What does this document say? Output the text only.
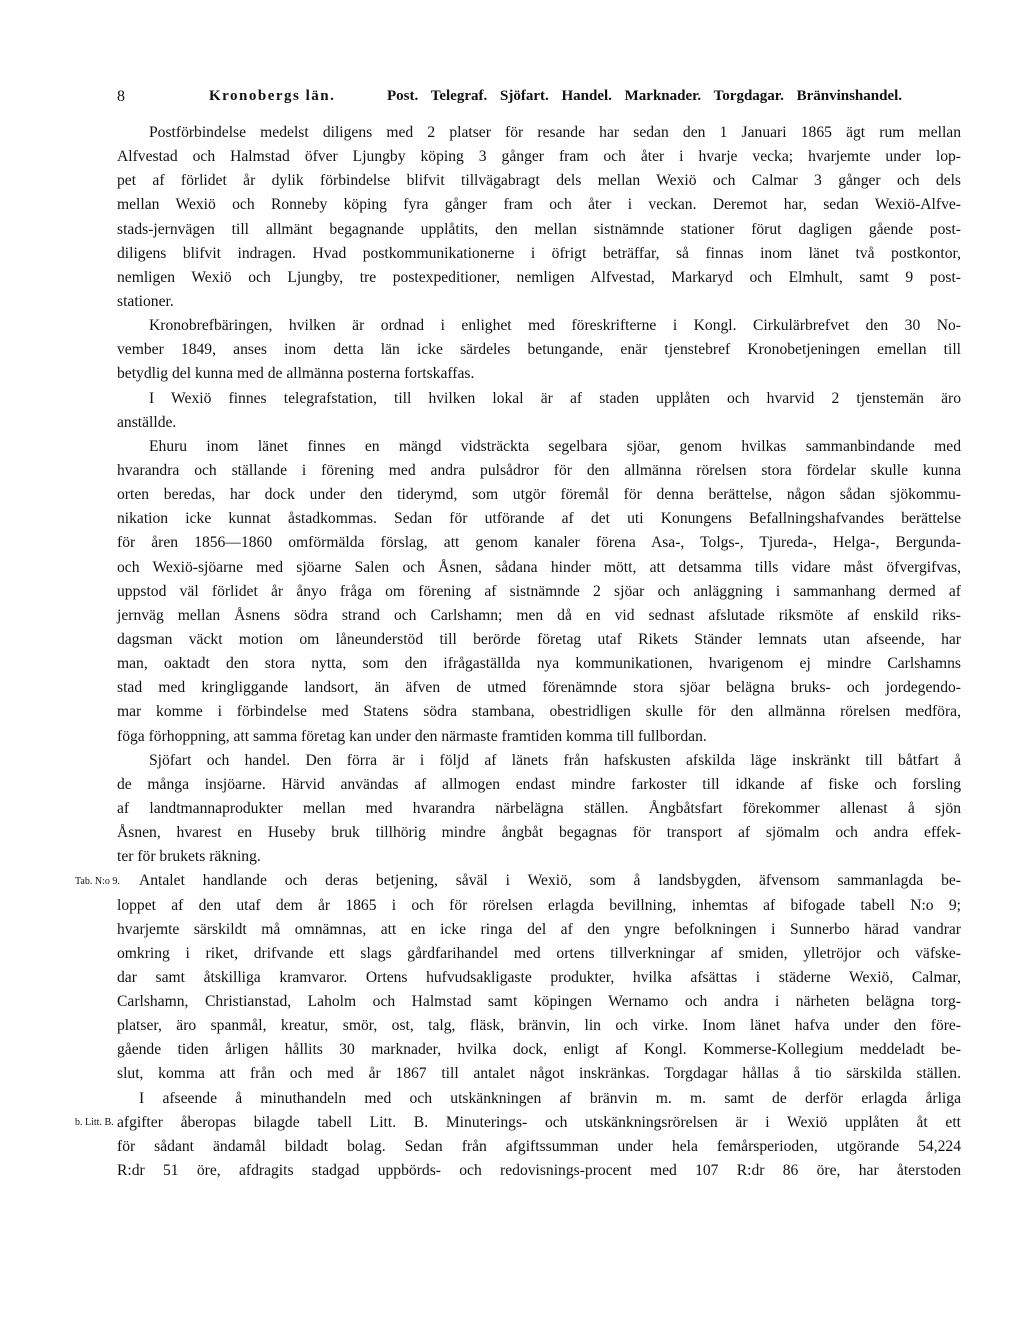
8	Kronobergs län.	Post. Telegraf. Sjöfart. Handel. Marknader. Torgdagar. Bränvinshandel.
Postförbindelse medelst diligens med 2 platser för resande har sedan den 1 Januari 1865 ägt rum mellan
Alfvestad och Halmstad öfver Ljungby köping 3 gånger fram och åter i hvarje vecka; hvarjemte under lop-
pet af förlidet år dylik förbindelse blifvit tillvägabragt dels mellan Wexiö och Calmar 3 gånger och dels
mellan Wexiö och Ronneby köping fyra gånger fram och åter i veckan. Deremot har, sedan Wexiö-Alfve-
stads-jernvägen till allmänt begagnande upplåtits, den mellan sistnämnde stationer förut dagligen gående post-
diligens blifvit indragen. Hvad postkommunikationerne i öfrigt beträffar, så finnas inom länet två postkontor,
nemligen Wexiö och Ljungby, tre postexpeditioner, nemligen Alfvestad, Markaryd och Elmhult, samt 9 post-
stationer.
Kronobrefbäringen, hvilken är ordnad i enlighet med föreskrifterne i Kongl. Cirkulärbrefvet den 30 No-
vember 1849, anses inom detta län icke särdeles betungande, enär tjenstebref Kronobetjeningen emellan till
betydlig del kunna med de allmänna posterna fortskaffas.
I Wexiö finnes telegrafstation, till hvilken lokal är af staden upplåten och hvarvid 2 tjenstemän äro
anställde.
Ehuru inom länet finnes en mängd vidsträckta segelbara sjöar, genom hvilkas sammanbindande med
hvarandra och ställande i förening med andra pulsådror för den allmänna rörelsen stora fördelar skulle kunna
orten beredas, har dock under den tiderymd, som utgör föremål för denna berättelse, någon sådan sjökommu-
nikation icke kunnat åstadkommas. Sedan för utförande af det uti Konungens Befallningshafvandes berättelse
för åren 1856—1860 omförmälda förslag, att genom kanaler förena Asa-, Tolgs-, Tjureda-, Helga-, Bergunda-
och Wexiö-sjöarne med sjöarne Salen och Åsnen, sådana hinder mött, att detsamma tills vidare måst öfvergifvas,
uppstod väl förlidet år ånyo fråga om förening af sistnämnde 2 sjöar och anläggning i sammanhang dermed af
jernväg mellan Åsnens södra strand och Carlshamn; men då en vid sednast afslutade riksmöte af enskild riks-
dagsman väckt motion om låneunderstöd till berörde företag utaf Rikets Ständer lemnats utan afseende, har
man, oaktadt den stora nytta, som den ifrågaställda nya kommunikationen, hvarigenom ej mindre Carlshamns
stad med kringliggande landsort, än äfven de utmed förenämnde stora sjöar belägna bruks- och jordegendo-
mar komme i förbindelse med Statens södra stambana, obestridligen skulle för den allmänna rörelsen medföra,
föga förhoppning, att samma företag kan under den närmaste framtiden komma till fullbordan.
Sjöfart och handel. Den förra är i följd af länets från hafskusten afskilda läge inskränkt till båtfart å
de många insjöarne. Härvid användas af allmogen endast mindre farkoster till idkande af fiske och forsling
af landtmannaprodukter mellan med hvarandra närbelägna ställen. Ångbåtsfart förekommer allenast å sjön
Åsnen, hvarest en Huseby bruk tillhörig mindre ångbåt begagnas för transport af sjömalm och andra effek-
ter för brukets räkning.
Antalet handlande och deras betjening, såväl i Wexiö, som å landsbygden, äfvensom sammanlagda be-
loppet af den utaf dem år 1865 i och för rörelsen erlagda bevillning, inhemtas af bifogade tabell N:o 9;
hvarjemte särskildt må omnämnas, att en icke ringa del af den yngre befolkningen i Sunnerbo härad vandrar
omkring i riket, drifvande ett slags gårdfarihandel med ortens tillverkningar af smiden, ylletröjor och väfske-
dar samt åtskilliga kramvaror. Ortens hufvudsakligaste produkter, hvilka afsättas i städerne Wexiö, Calmar,
Carlshamn, Christianstad, Laholm och Halmstad samt köpingen Wernamo och andra i närheten belägna torg-
platser, äro spanmål, kreatur, smör, ost, talg, fläsk, bränvin, lin och virke. Inom länet hafva under den före-
gående tiden årligen hållits 30 marknader, hvilka dock, enligt af Kongl. Kommerse-Kollegium meddeladt be-
slut, komma att från och med år 1867 till antalet något inskränkas. Torgdagar hållas å tio särskilda ställen.
I afseende å minuthandeln med och utskänkningen af bränvin m. m. samt de derför erlagda årliga
afgifter åberopas bilagde tabell Litt. B. Minuterings- och utskänkningsrörelsen är i Wexiö upplåten åt ett
för sådant ändamål bildadt bolag. Sedan från afgiftssumman under hela femårsperioden, utgörande 54,224
R:dr 51 öre, afdragits stadgad uppbörds- och redovisnings-procent med 107 R:dr 86 öre, har återstoden
Tab. N:o 9.
b. Litt. B.
